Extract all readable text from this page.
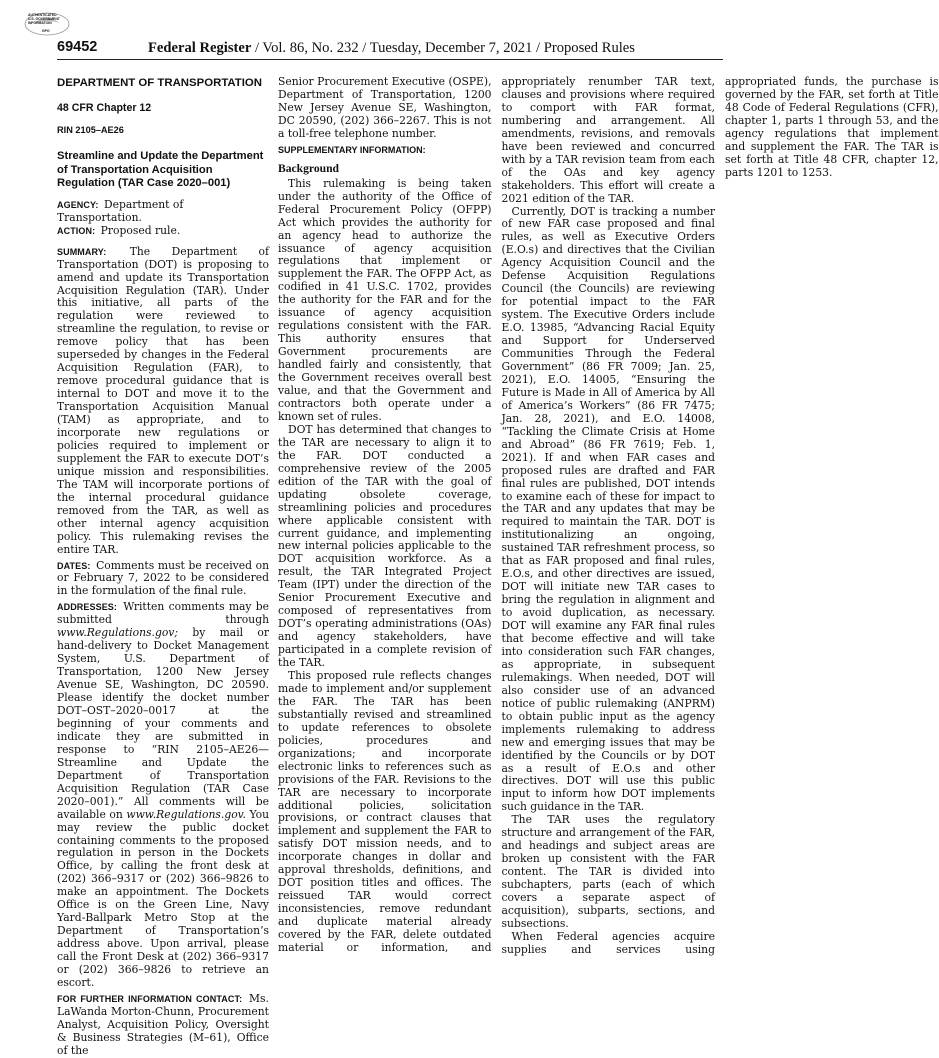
AUTHENTICATED
U.S. GOVERNMENT
INFORMATION
GPO
69452	Federal Register / Vol. 86, No. 232 / Tuesday, December 7, 2021 / Proposed Rules
DEPARTMENT OF TRANSPORTATION
48 CFR Chapter 12
RIN 2105–AE26
Streamline and Update the Department of Transportation Acquisition Regulation (TAR Case 2020–001)

AGENCY: Department of Transportation.

ACTION: Proposed rule.

SUMMARY: The Department of Transportation (DOT) is proposing to amend and update its Transportation Acquisition Regulation (TAR). Under this initiative, all parts of the regulation were reviewed to streamline the regulation, to revise or remove policy that has been superseded by changes in the Federal Acquisition Regulation (FAR), to remove procedural guidance that is internal to DOT and move it to the Transportation Acquisition Manual (TAM) as appropriate, and to incorporate new regulations or policies required to implement or supplement the FAR to execute DOT’s unique mission and responsibilities. The TAM will incorporate portions of the internal procedural guidance removed from the TAR, as well as other internal agency acquisition policy. This rulemaking revises the entire TAR.

DATES: Comments must be received on or February 7, 2022 to be considered in the formulation of the final rule.

ADDRESSES: Written comments may be submitted through www.Regulations.gov; by mail or hand-delivery to Docket Management System, U.S. Department of Transportation, 1200 New Jersey Avenue SE, Washington, DC 20590. Please identify the docket number DOT–OST–2020–0017 at the beginning of your comments and indicate they are submitted in response to “RIN 2105–AE26—Streamline and Update the Department of Transportation Acquisition Regulation (TAR Case 2020–001).” All comments will be available on www.Regulations.gov. You may review the public docket containing comments to the proposed regulation in person in the Dockets Office, by calling the front desk at (202) 366–9317 or (202) 366–9826 to make an appointment. The Dockets Office is on the Green Line, Navy Yard-Ballpark Metro Stop at the Department of Transportation’s address above. Upon arrival, please call the Front Desk at (202) 366–9317 or (202) 366–9826 to retrieve an escort.

FOR FURTHER INFORMATION CONTACT: Ms. LaWanda Morton-Chunn, Procurement Analyst, Acquisition Policy, Oversight & Business Strategies (M–61), Office of the

Senior Procurement Executive (OSPE), Department of Transportation, 1200 New Jersey Avenue SE, Washington, DC 20590, (202) 366–2267. This is not a toll-free telephone number.

SUPPLEMENTARY INFORMATION:
Background

This rulemaking is being taken under the authority of the Office of Federal Procurement Policy (OFPP) Act which provides the authority for an agency head to authorize the issuance of agency acquisition regulations that implement or supplement the FAR. The OFPP Act, as codified in 41 U.S.C. 1702, provides the authority for the FAR and for the issuance of agency acquisition regulations consistent with the FAR. This authority ensures that Government procurements are handled fairly and consistently, that the Government receives overall best value, and that the Government and contractors both operate under a known set of rules.

DOT has determined that changes to the TAR are necessary to align it to the FAR. DOT conducted a comprehensive review of the 2005 edition of the TAR with the goal of updating obsolete coverage, streamlining policies and procedures where applicable consistent with current guidance, and implementing new internal policies applicable to the DOT acquisition workforce. As a result, the TAR Integrated Project Team (IPT) under the direction of the Senior Procurement Executive and composed of representatives from DOT’s operating administrations (OAs) and agency stakeholders, have participated in a complete revision of the TAR.

This proposed rule reflects changes made to implement and/or supplement the FAR. The TAR has been substantially revised and streamlined to update references to obsolete policies, procedures and organizations; and incorporate electronic links to references such as provisions of the FAR. Revisions to the TAR are necessary to incorporate additional policies, solicitation provisions, or contract clauses that implement and supplement the FAR to satisfy DOT mission needs, and to incorporate changes in dollar and approval thresholds, definitions, and DOT position titles and offices. The reissued TAR would correct inconsistencies, remove redundant and duplicate material already covered by the FAR, delete outdated material or information, and appropriately renumber TAR text, clauses and provisions where required to comport with FAR format, numbering and arrangement. All amendments, revisions, and removals have been reviewed and concurred with by a TAR revision team from each of the OAs and key agency stakeholders. This effort will create a 2021 edition of the TAR.

Currently, DOT is tracking a number of new FAR case proposed and final rules, as well as Executive Orders (E.O.s) and directives that the Civilian Agency Acquisition Council and the Defense Acquisition Regulations Council (the Councils) are reviewing for potential impact to the FAR system. The Executive Orders include E.O. 13985, “Advancing Racial Equity and Support for Underserved Communities Through the Federal Government” (86 FR 7009; Jan. 25, 2021), E.O. 14005, “Ensuring the Future is Made in All of America by All of America’s Workers” (86 FR 7475; Jan. 28, 2021), and E.O. 14008, “Tackling the Climate Crisis at Home and Abroad” (86 FR 7619; Feb. 1, 2021). If and when FAR cases and proposed rules are drafted and FAR final rules are published, DOT intends to examine each of these for impact to the TAR and any updates that may be required to maintain the TAR. DOT is institutionalizing an ongoing, sustained TAR refreshment process, so that as FAR proposed and final rules, E.O.s, and other directives are issued, DOT will initiate new TAR cases to bring the regulation in alignment and to avoid duplication, as necessary. DOT will examine any FAR final rules that become effective and will take into consideration such FAR changes, as appropriate, in subsequent rulemakings. When needed, DOT will also consider use of an advanced notice of public rulemaking (ANPRM) to obtain public input as the agency implements rulemaking to address new and emerging issues that may be identified by the Councils or by DOT as a result of E.O.s and other directives. DOT will use this public input to inform how DOT implements such guidance in the TAR.

The TAR uses the regulatory structure and arrangement of the FAR, and headings and subject areas are broken up consistent with the FAR content. The TAR is divided into subchapters, parts (each of which covers a separate aspect of acquisition), subparts, sections, and subsections.

When Federal agencies acquire supplies and services using appropriated funds, the purchase is governed by the FAR, set forth at Title 48 Code of Federal Regulations (CFR), chapter 1, parts 1 through 53, and the agency regulations that implement and supplement the FAR. The TAR is set forth at Title 48 CFR, chapter 12, parts 1201 to 1253.
